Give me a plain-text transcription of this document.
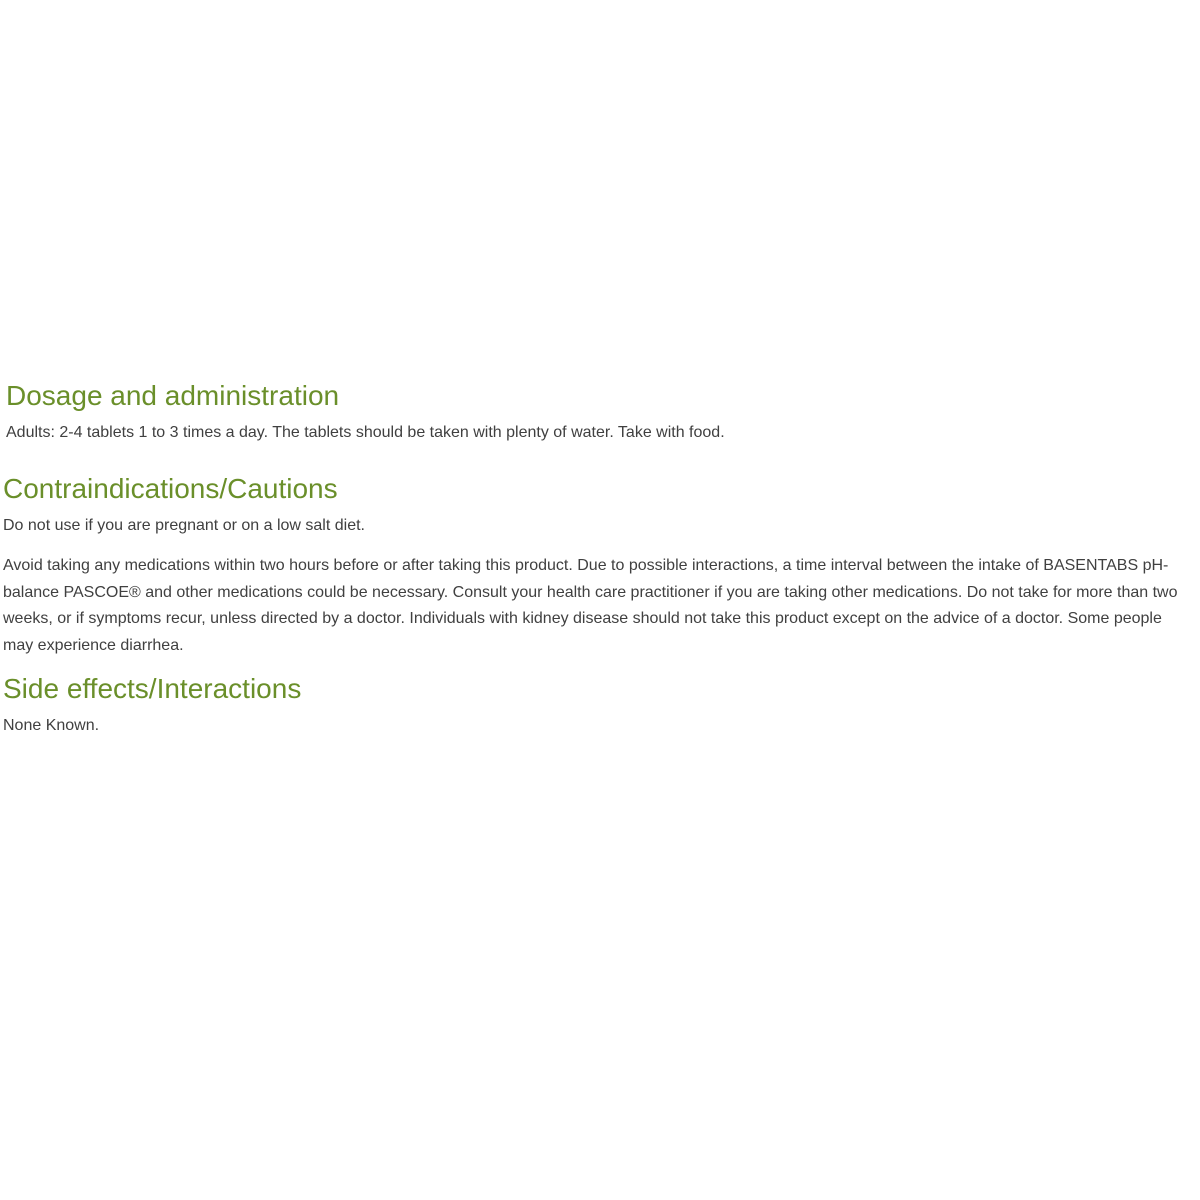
Dosage and administration

Adults: 2-4 tablets 1 to 3 times a day. The tablets should be taken with plenty of water. Take with food.

Contraindications/Cautions

Do not use if you are pregnant or on a low salt diet.

Avoid taking any medications within two hours before or after taking this product. Due to possible interactions, a time interval between the intake of BASENTABS pH-balance PASCOE® and other medications could be necessary. Consult your health care practitioner if you are taking other medications. Do not take for more than two weeks, or if symptoms recur, unless directed by a doctor. Individuals with kidney disease should not take this product except on the advice of a doctor. Some people may experience diarrhea.

Side effects/Interactions

None Known.
